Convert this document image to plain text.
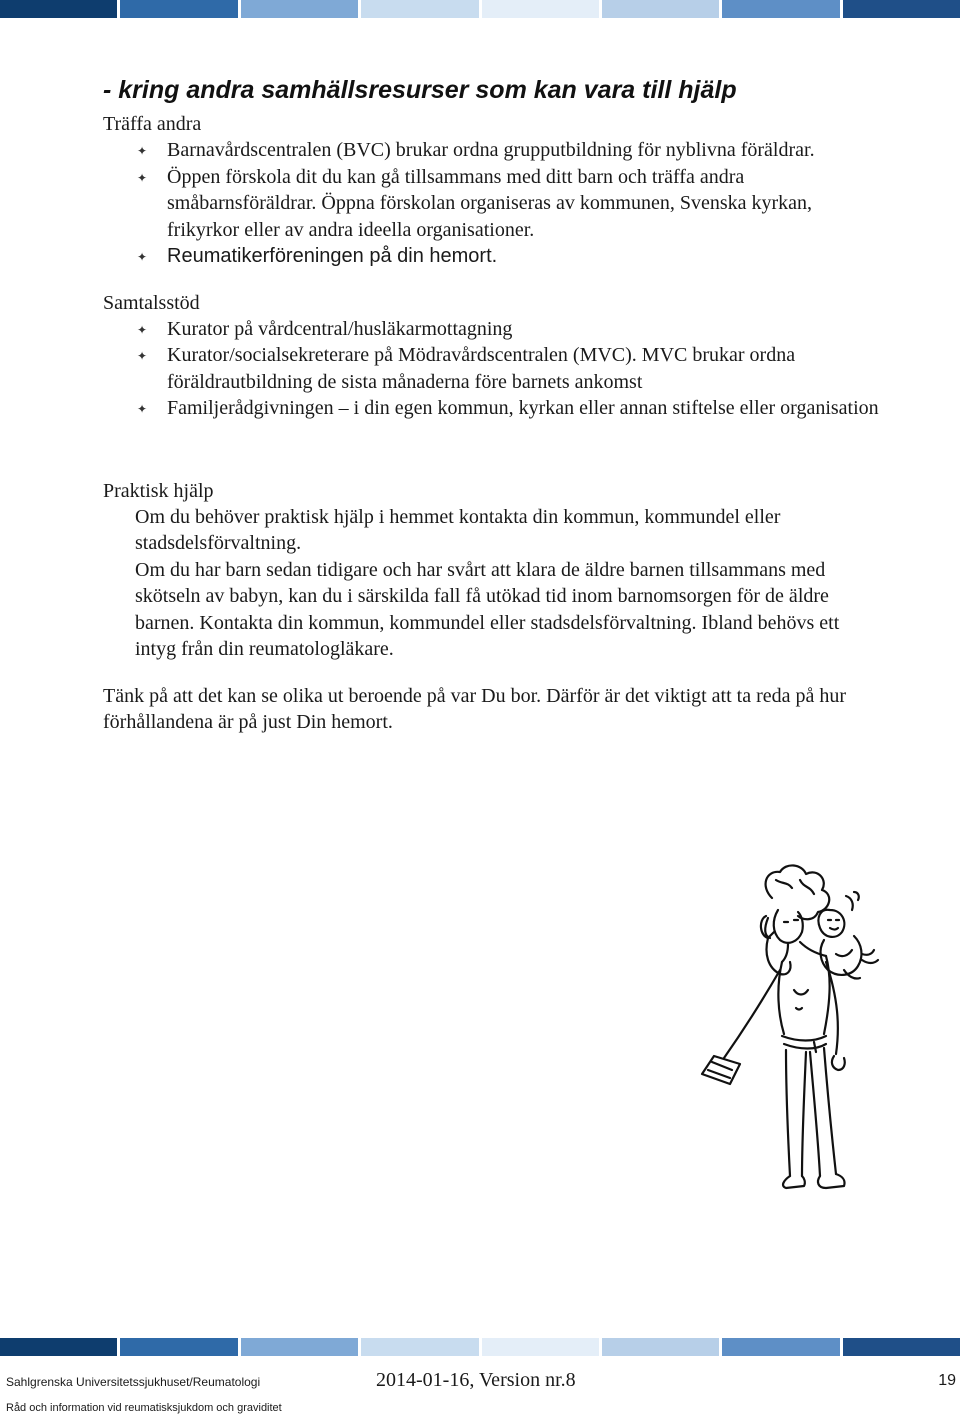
- kring andra samhällsresurser som kan vara till hjälp

Träffa andra

✦ Barnavårdscentralen (BVC) brukar ordna grupputbildning för nyblivna föräldrar.
✦ Öppen förskola dit du kan gå tillsammans med ditt barn och träffa andra småbarnsföräldrar. Öppna förskolan organiseras av kommunen, Svenska kyrkan, frikyrkor eller av andra ideella organisationer.
✦ Reumatikerföreningen på din hemort.

Samtalsstöd

✦ Kurator på vårdcentral/husläkarmottagning
✦ Kurator/socialsekreterare på Mödravårdscentralen (MVC). MVC brukar ordna föräldrautbildning de sista månaderna före barnets ankomst
✦ Familjerådgivningen – i din egen kommun, kyrkan eller annan stiftelse eller organisation

Praktisk hjälp

Om du behöver praktisk hjälp i hemmet kontakta din kommun, kommundel eller stadsdelsförvaltning.

Om du har barn sedan tidigare och har svårt att klara de äldre barnen tillsammans med skötseln av babyn, kan du i särskilda fall få utökad tid inom barnomsorgen för de äldre barnen. Kontakta din kommun, kommundel eller stadsdelsförvaltning. Ibland behövs ett intyg från din reumatologläkare.

Tänk på att det kan se olika ut beroende på var Du bor. Därför är det viktigt att ta reda på hur förhållandena är på just Din hemort.

Sahlgrenska Universitetssjukhuset/Reumatologi	2014-01-16, Version nr.8	19
Råd och information vid reumatisksjukdom och graviditet
